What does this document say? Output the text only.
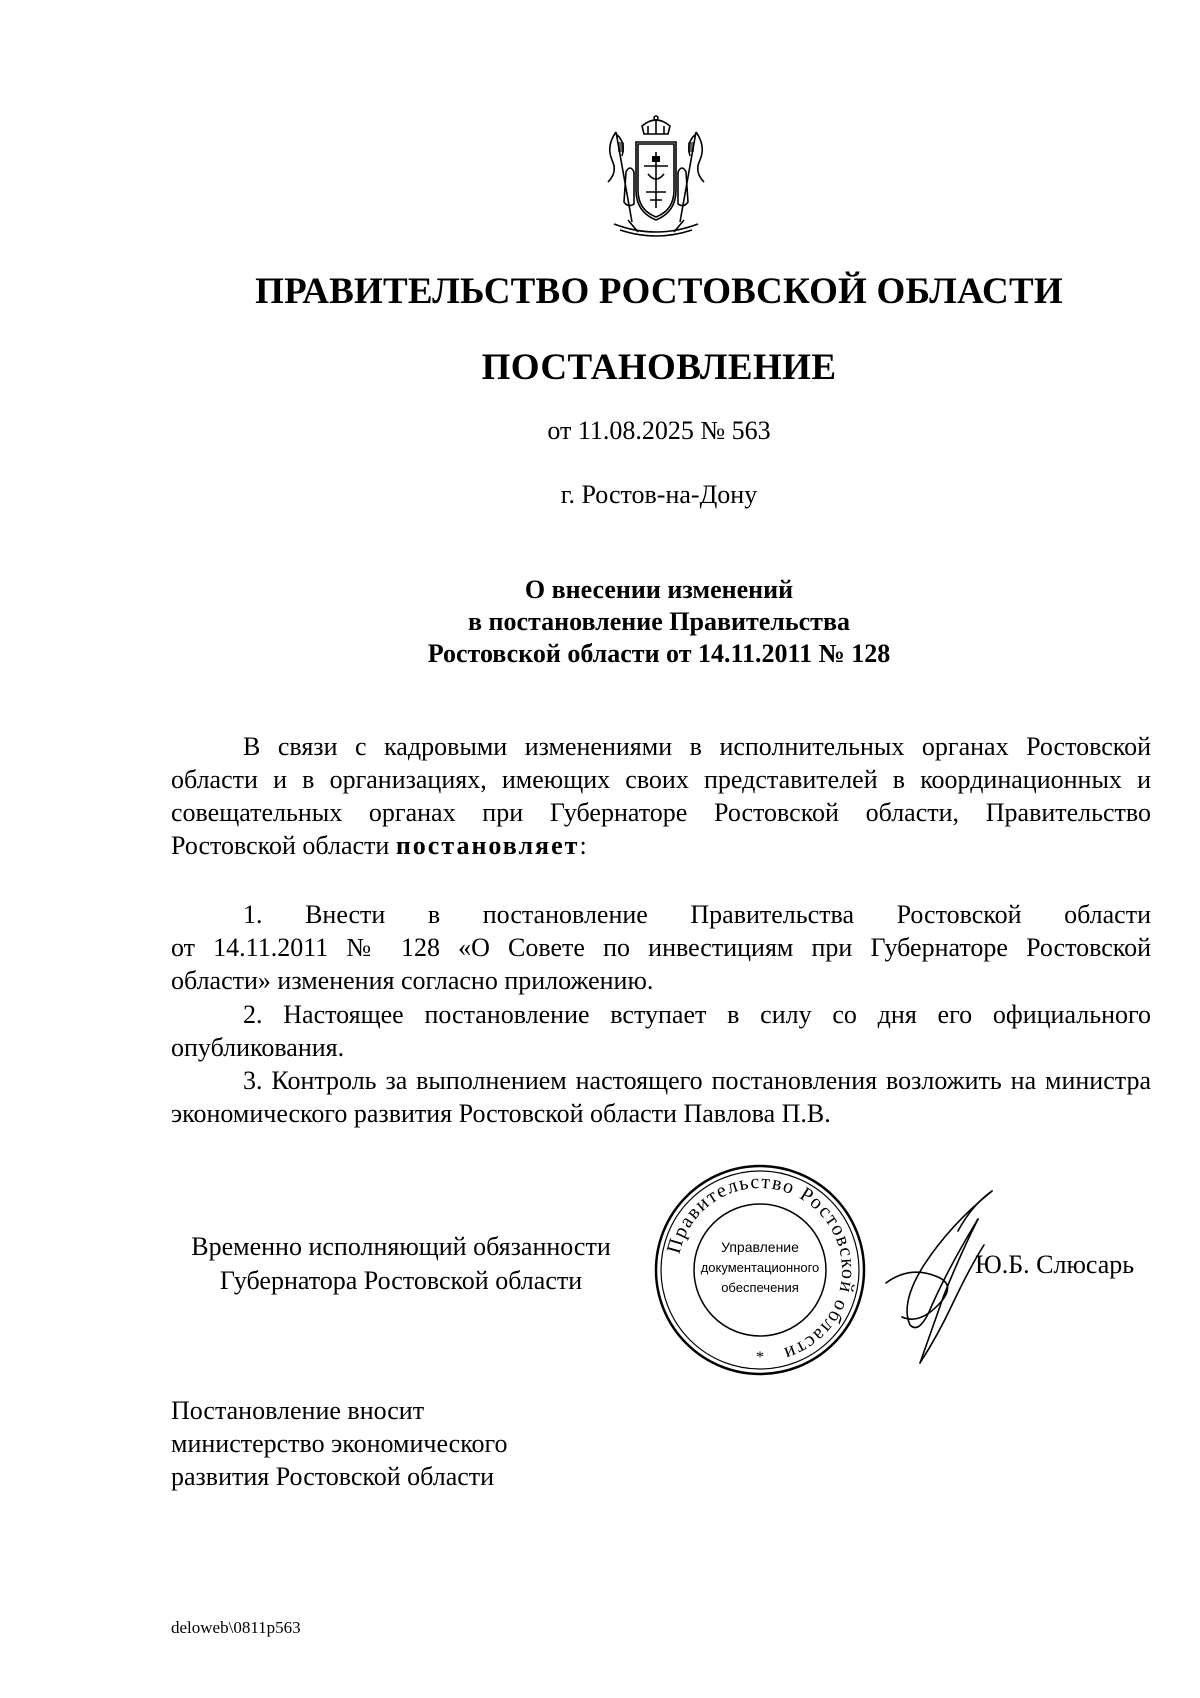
ПРАВИТЕЛЬСТВО РОСТОВСКОЙ ОБЛАСТИ
ПОСТАНОВЛЕНИЕ
от 11.08.2025 № 563
г. Ростов-на-Дону
О внесении изменений
в постановление Правительства
Ростовской области от 14.11.2011 № 128
В связи с кадровыми изменениями в исполнительных органах Ростовской области и в организациях, имеющих своих представителей в координационных и совещательных органах при Губернаторе Ростовской области, Правительство Ростовской области постановляет:
1. Внести в постановление Правительства Ростовской области
от 14.11.2011 № 128 «О Совете по инвестициям при Губернаторе Ростовской
области» изменения согласно приложению.
2. Настоящее постановление вступает в силу со дня его официального опубликования.
3. Контроль за выполнением настоящего постановления возложить на министра экономического развития Ростовской области Павлова П.В.
Временно исполняющий обязанности
Губернатора Ростовской области
Правительство Ростовской области
Управление
документационного
обеспечения
*
Ю.Б. Слюсарь
Постановление вносит
министерство экономического
развития Ростовской области
deloweb\0811p563
